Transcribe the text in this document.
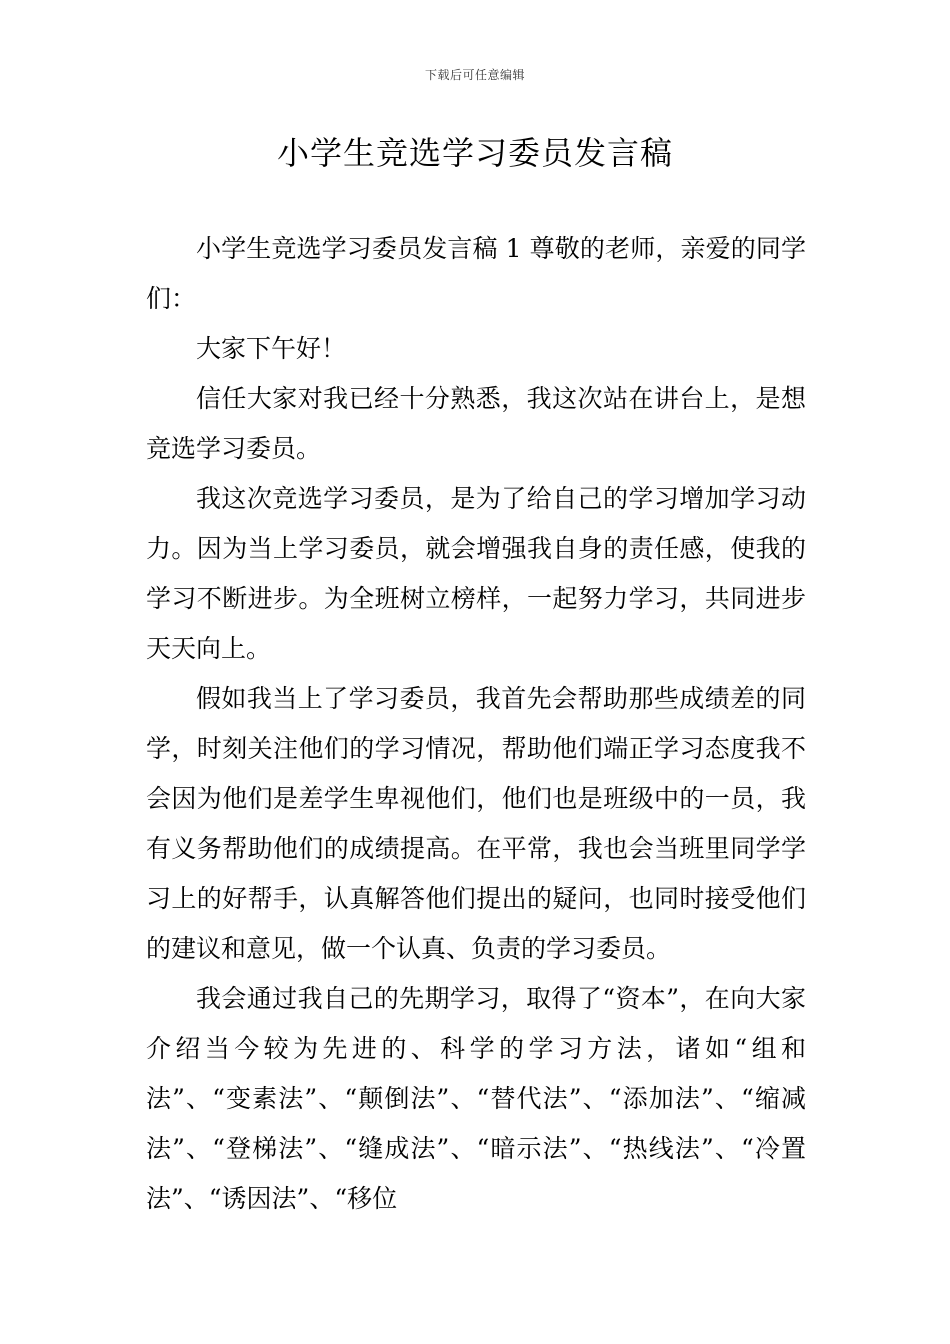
下载后可任意编辑
小学生竞选学习委员发言稿

小学生竞选学习委员发言稿 1 尊敬的老师，亲爱的同学们：

大家下午好！

信任大家对我已经十分熟悉，我这次站在讲台上，是想竞选学习委员。

我这次竞选学习委员，是为了给自己的学习增加学习动力。因为当上学习委员，就会增强我自身的责任感，使我的学习不断进步。为全班树立榜样，一起努力学习，共同进步天天向上。

假如我当上了学习委员，我首先会帮助那些成绩差的同学，时刻关注他们的学习情况，帮助他们端正学习态度我不会因为他们是差学生卑视他们，他们也是班级中的一员，我有义务帮助他们的成绩提高。在平常，我也会当班里同学学习上的好帮手，认真解答他们提出的疑问，也同时接受他们的建议和意见，做一个认真、负责的学习委员。

我会通过我自己的先期学习，取得了“资本”，在向大家介绍当今较为先进的、科学的学习方法，诸如“组和法”、“变素法”、“颠倒法”、“替代法”、“添加法”、“缩减法”、“登梯法”、“缝成法”、“暗示法”、“热线法”、“冷置法”、“诱因法”、“移位
